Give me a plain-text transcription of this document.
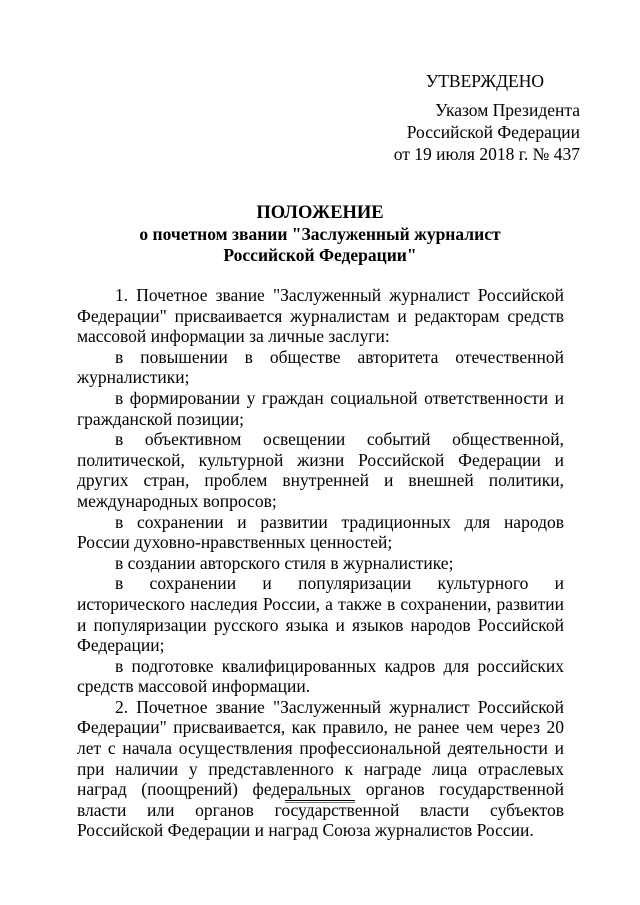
УТВЕРЖДЕНО
Указом Президента
Российской Федерации
от 19 июля 2018 г. № 437
ПОЛОЖЕНИЕ
о почетном звании "Заслуженный журналист
Российской Федерации"

1. Почетное звание "Заслуженный журналист Российской Федерации" присваивается журналистам и редакторам средств массовой информации за личные заслуги:

в повышении в обществе авторитета отечественной журналистики;

в формировании у граждан социальной ответственности и гражданской позиции;

в объективном освещении событий общественной, политической, культурной жизни Российской Федерации и других стран, проблем внутренней и внешней политики, международных вопросов;

в сохранении и развитии традиционных для народов России духовно-нравственных ценностей;

в создании авторского стиля в журналистике;

в сохранении и популяризации культурного и исторического наследия России, а также в сохранении, развитии и популяризации русского языка и языков народов Российской Федерации;

в подготовке квалифицированных кадров для российских средств массовой информации.

2. Почетное звание "Заслуженный журналист Российской Федерации" присваивается, как правило, не ранее чем через 20 лет с начала осуществления профессиональной деятельности и при наличии у представленного к награде лица отраслевых наград (поощрений) федеральных органов государственной власти или органов государственной власти субъектов Российской Федерации и наград Союза журналистов России.
